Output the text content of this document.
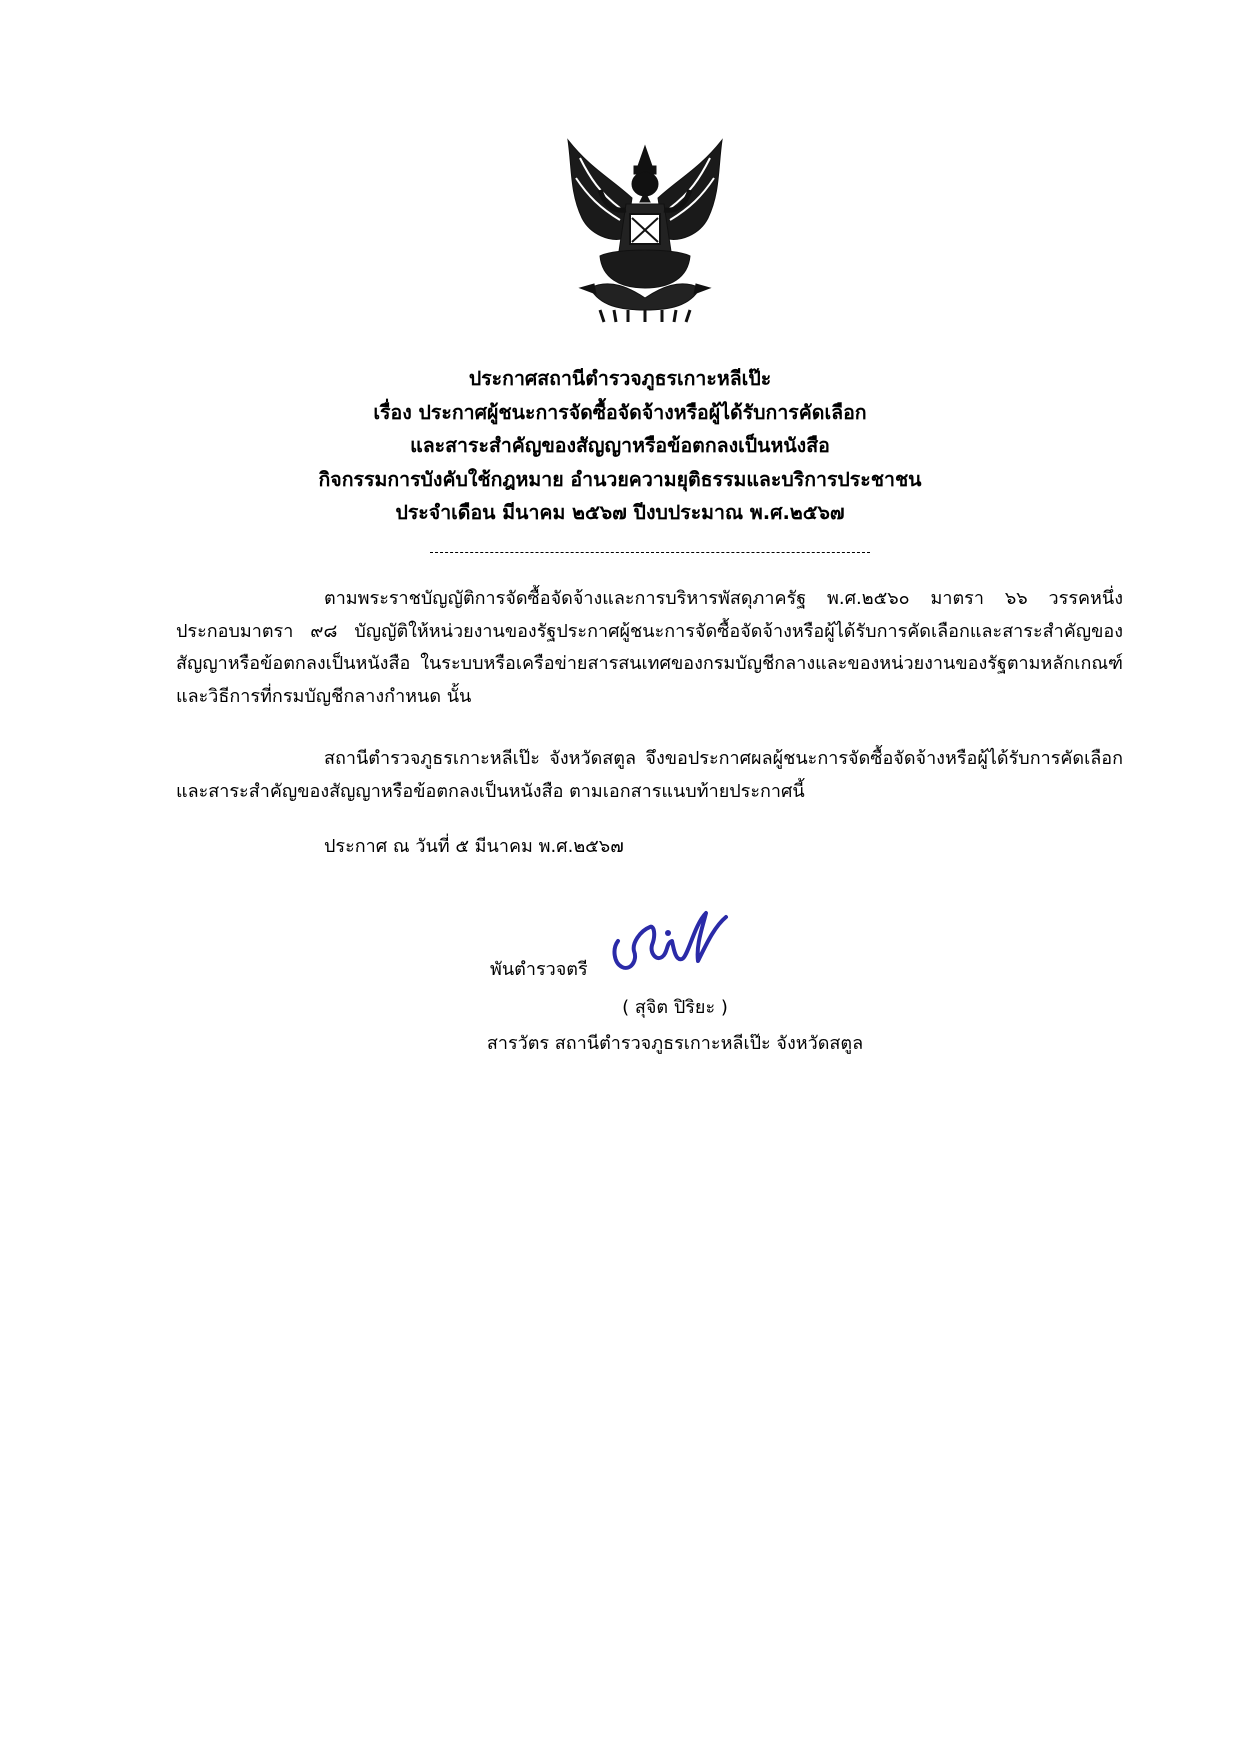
ประกาศสถานีตำรวจภูธรเกาะหลีเป๊ะ
เรื่อง ประกาศผู้ชนะการจัดซื้อจัดจ้างหรือผู้ได้รับการคัดเลือก
และสาระสำคัญของสัญญาหรือข้อตกลงเป็นหนังสือ
กิจกรรมการบังคับใช้กฎหมาย อำนวยความยุติธรรมและบริการประชาชน
ประจำเดือน มีนาคม ๒๕๖๗ ปีงบประมาณ พ.ศ.๒๕๖๗
ตามพระราชบัญญัติการจัดซื้อจัดจ้างและการบริหารพัสดุภาครัฐ พ.ศ.๒๕๖๐ มาตรา ๖๖ วรรคหนึ่ง ประกอบมาตรา ๙๘ บัญญัติให้หน่วยงานของรัฐประกาศผู้ชนะการจัดซื้อจัดจ้างหรือผู้ได้รับการคัดเลือกและสาระสำคัญของสัญญาหรือข้อตกลงเป็นหนังสือ ในระบบหรือเครือข่ายสารสนเทศของกรมบัญชีกลางและของหน่วยงานของรัฐตามหลักเกณฑ์และวิธีการที่กรมบัญชีกลางกำหนด นั้น
สถานีตำรวจภูธรเกาะหลีเป๊ะ จังหวัดสตูล จึงขอประกาศผลผู้ชนะการจัดซื้อจัดจ้างหรือผู้ได้รับการคัดเลือกและสาระสำคัญของสัญญาหรือข้อตกลงเป็นหนังสือ ตามเอกสารแนบท้ายประกาศนี้
ประกาศ ณ วันที่ ๕ มีนาคม พ.ศ.๒๕๖๗
พันตำรวจตรี
( สุจิต ปิริยะ )
สารวัตร สถานีตำรวจภูธรเกาะหลีเป๊ะ จังหวัดสตูล
